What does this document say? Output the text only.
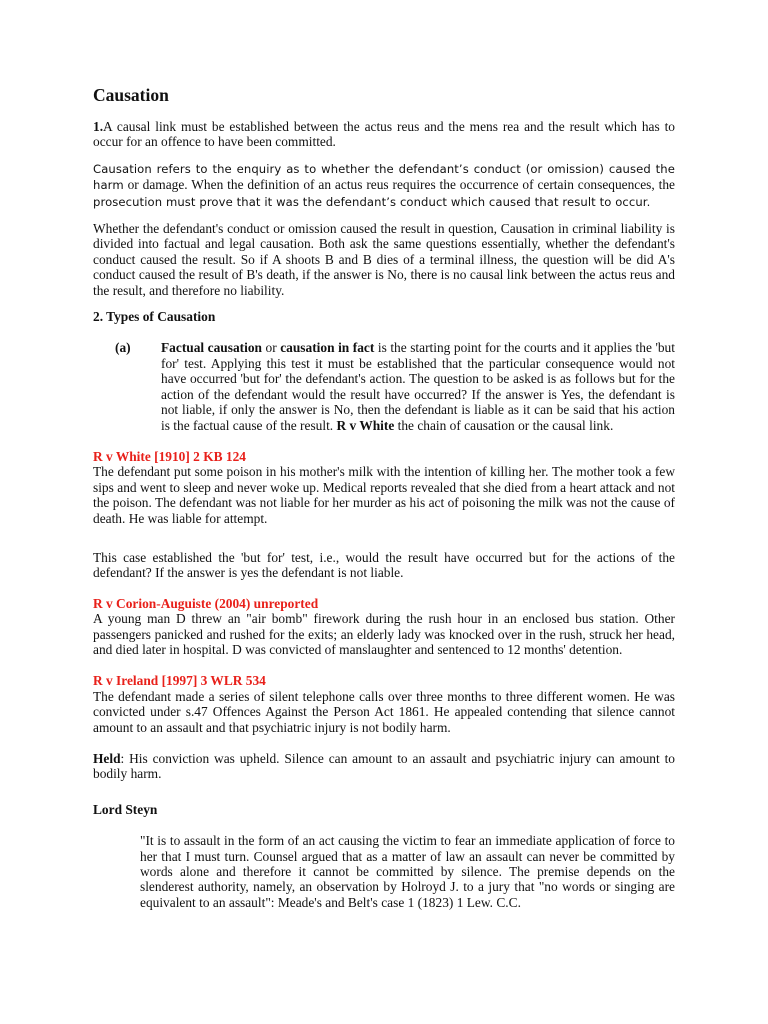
Causation

1.A causal link must be established between the actus reus and the mens rea and the result which has to occur for an offence to have been committed.

Causation refers to the enquiry as to whether the defendant’s conduct (or omission) caused the harm or damage. When the definition of an actus reus requires the occurrence of certain consequences, the prosecution must prove that it was the defendant’s conduct which caused that result to occur.

Whether the defendant's conduct or omission caused the result in question, Causation in criminal liability is divided into factual and legal causation. Both ask the same questions essentially, whether the defendant's conduct caused the result. So if A shoots B and B dies of a terminal illness, the question will be did A's conduct caused the result of B's death, if the answer is No, there is no causal link between the actus reus and the result, and therefore no liability.

2. Types of Causation

(a)	Factual causation or causation in fact is the starting point for the courts and it applies the 'but for' test. Applying this test it must be established that the particular consequence would not have occurred 'but for' the defendant's action. The question to be asked is as follows but for the action of the defendant would the result have occurred? If the answer is Yes, the defendant is not liable, if only the answer is No, then the defendant is liable as it can be said that his action is the factual cause of the result. R v White the chain of causation or the causal link.

R v White [1910] 2 KB 124

The defendant put some poison in his mother's milk with the intention of killing her. The mother took a few sips and went to sleep and never woke up. Medical reports revealed that she died from a heart attack and not the poison. The defendant was not liable for her murder as his act of poisoning the milk was not the cause of death. He was liable for attempt.

This case established the 'but for' test, i.e., would the result have occurred but for the actions of the defendant? If the answer is yes the defendant is not liable.

R v Corion-Auguiste (2004) unreported

A young man D threw an "air bomb" firework during the rush hour in an enclosed bus station. Other passengers panicked and rushed for the exits; an elderly lady was knocked over in the rush, struck her head, and died later in hospital. D was convicted of manslaughter and sentenced to 12 months' detention.

R v Ireland [1997] 3 WLR 534

The defendant made a series of silent telephone calls over three months to three different women. He was convicted under s.47 Offences Against the Person Act 1861. He appealed contending that silence cannot amount to an assault and that psychiatric injury is not bodily harm.

Held: His conviction was upheld. Silence can amount to an assault and psychiatric injury can amount to bodily harm.

Lord Steyn

"It is to assault in the form of an act causing the victim to fear an immediate application of force to her that I must turn. Counsel argued that as a matter of law an assault can never be committed by words alone and therefore it cannot be committed by silence. The premise depends on the slenderest authority, namely, an observation by Holroyd J. to a jury that "no words or singing are equivalent to an assault": Meade's and Belt's case 1 (1823) 1 Lew. C.C.
